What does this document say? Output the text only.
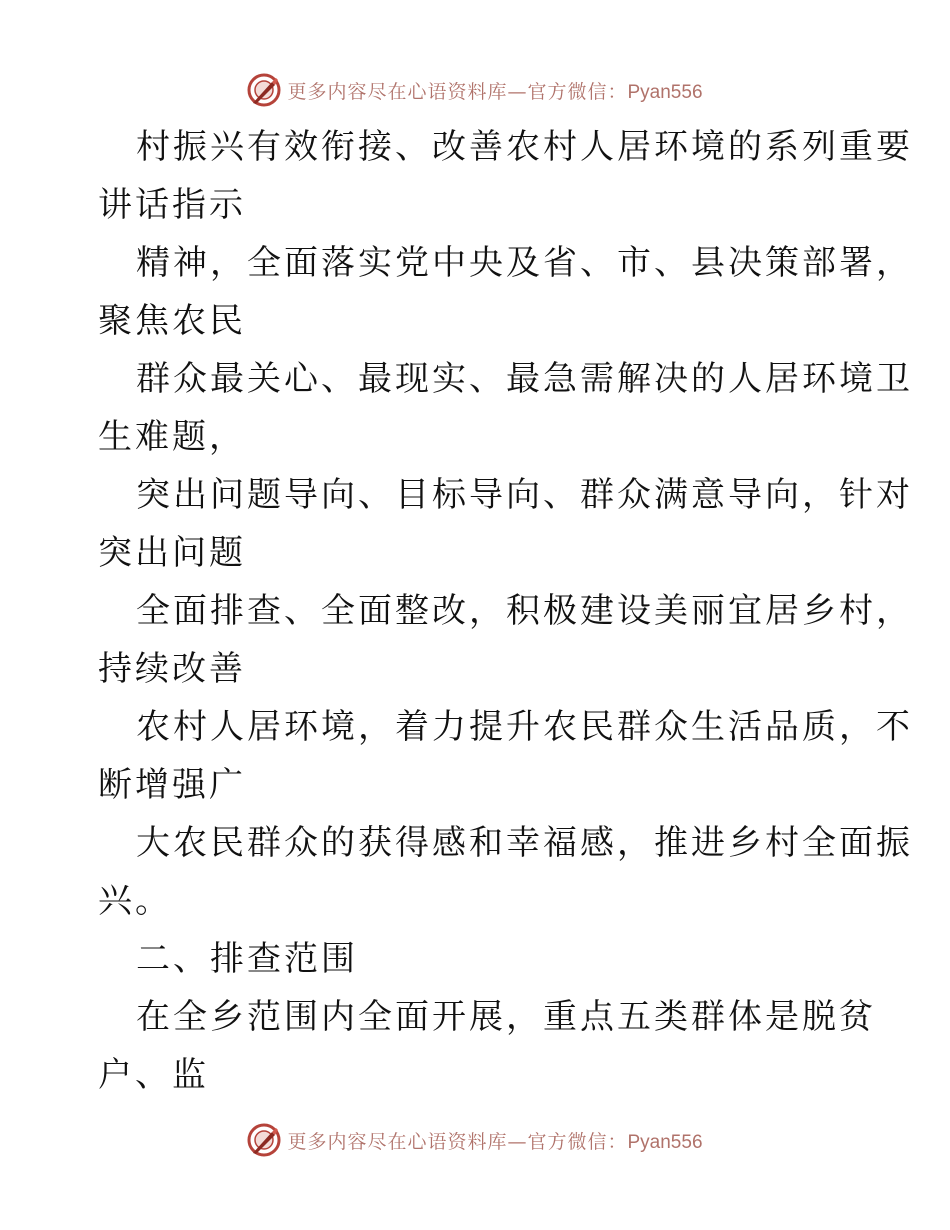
更多内容尽在心语资料库—官方微信：Pyan556
村振兴有效衔接、改善农村人居环境的系列重要
讲话指示
精神，全面落实党中央及省、市、县决策部署，
聚焦农民
群众最关心、最现实、最急需解决的人居环境卫
生难题，
突出问题导向、目标导向、群众满意导向，针对
突出问题
全面排查、全面整改，积极建设美丽宜居乡村，
持续改善
农村人居环境，着力提升农民群众生活品质，不
断增强广
大农民群众的获得感和幸福感，推进乡村全面振
兴。
二、排查范围
在全乡范围内全面开展，重点五类群体是脱贫
户、监
更多内容尽在心语资料库—官方微信：Pyan556
